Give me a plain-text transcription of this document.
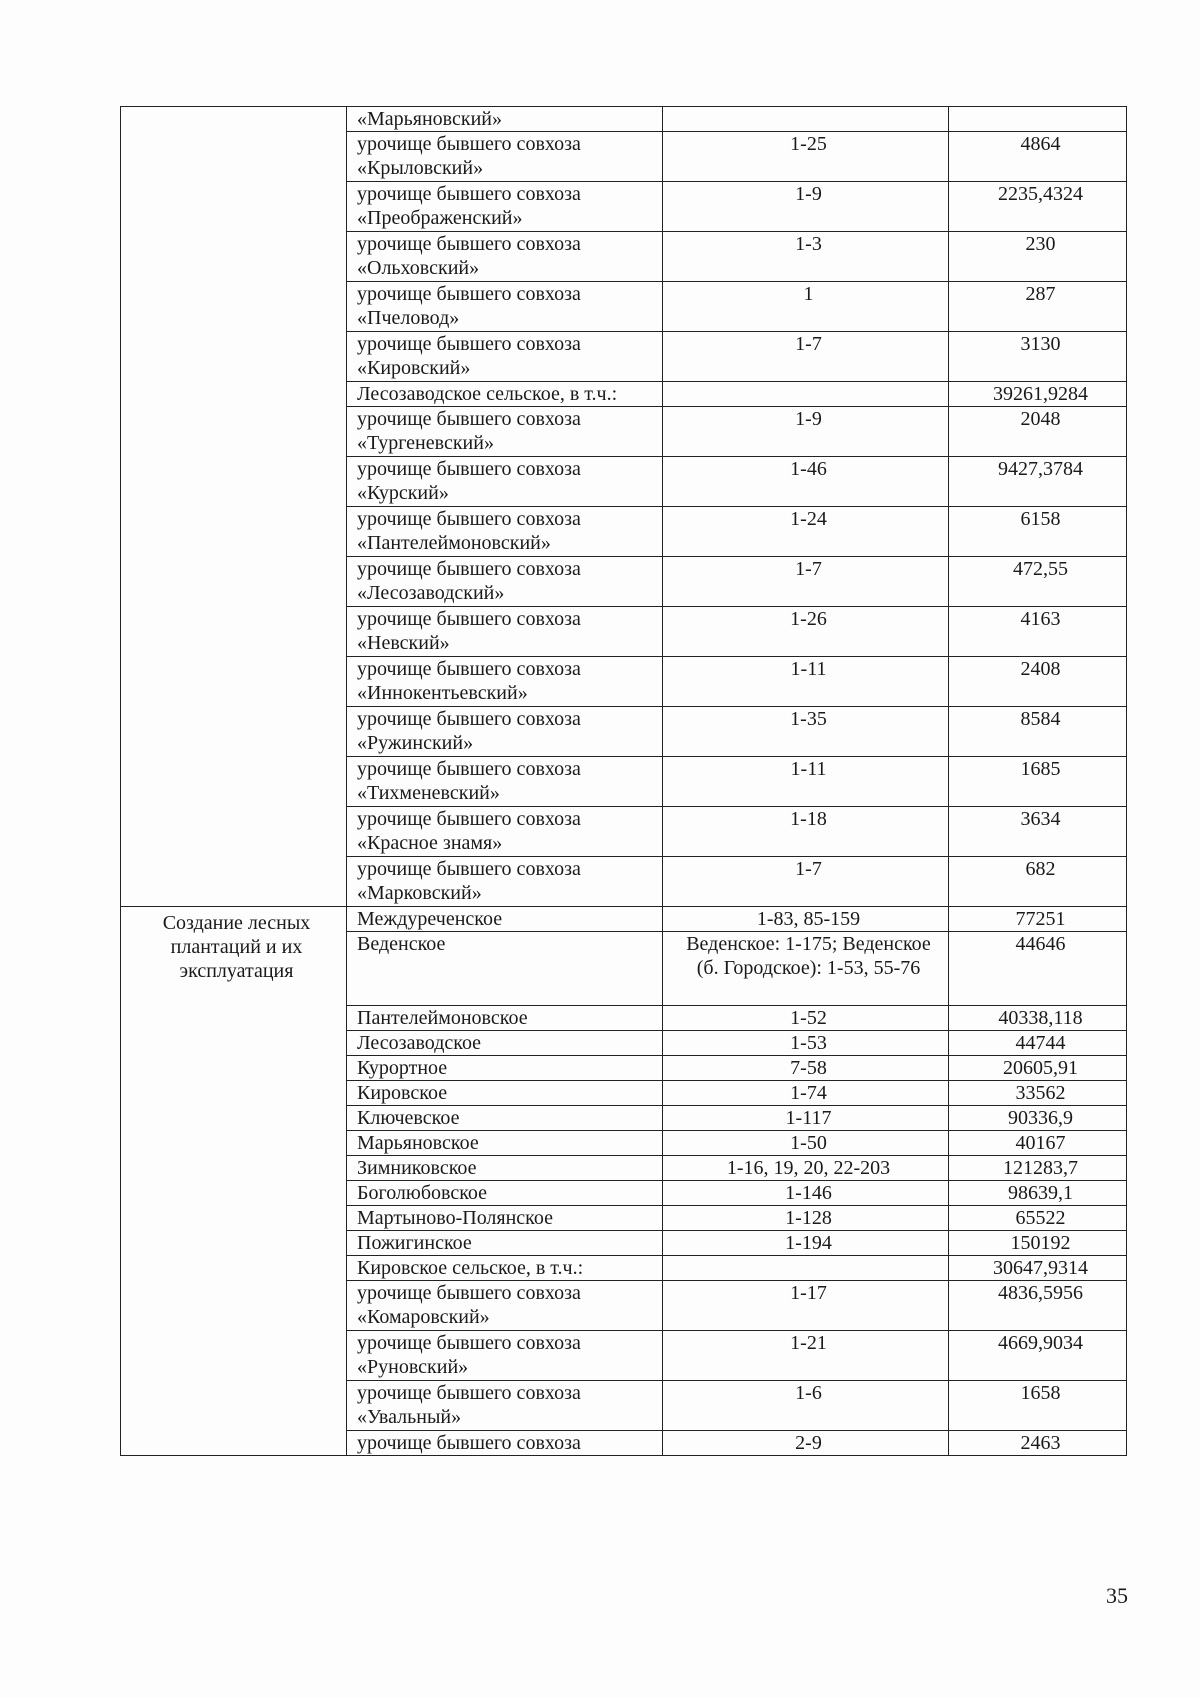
	«Марьяновский»		
	урочище бывшего совхоза «Крыловский»	1-25	4864
	урочище бывшего совхоза «Преображенский»	1-9	2235,4324
	урочище бывшего совхоза «Ольховский»	1-3	230
	урочище бывшего совхоза «Пчеловод»	1	287
	урочище бывшего совхоза «Кировский»	1-7	3130
	Лесозаводское сельское, в т.ч.:		39261,9284
	урочище бывшего совхоза «Тургеневский»	1-9	2048
	урочище бывшего совхоза «Курский»	1-46	9427,3784
	урочище бывшего совхоза «Пантелеймоновский»	1-24	6158
	урочище бывшего совхоза «Лесозаводский»	1-7	472,55
	урочище бывшего совхоза «Невский»	1-26	4163
	урочище бывшего совхоза «Иннокентьевский»	1-11	2408
	урочище бывшего совхоза «Ружинский»	1-35	8584
	урочище бывшего совхоза «Тихменевский»	1-11	1685
	урочище бывшего совхоза «Красное знамя»	1-18	3634
	урочище бывшего совхоза «Марковский»	1-7	682
Создание лесных плантаций и их эксплуатация	Междуреченское	1-83, 85-159	77251
	Веденское	Веденское: 1-175; Веденское (б. Городское): 1-53, 55-76	44646
	Пантелеймоновское	1-52	40338,118
	Лесозаводское	1-53	44744
	Курортное	7-58	20605,91
	Кировское	1-74	33562
	Ключевское	1-117	90336,9
	Марьяновское	1-50	40167
	Зимниковское	1-16, 19, 20, 22-203	121283,7
	Боголюбовское	1-146	98639,1
	Мартыново-Полянское	1-128	65522
	Пожигинское	1-194	150192
	Кировское сельское, в т.ч.:		30647,9314
	урочище бывшего совхоза «Комаровский»	1-17	4836,5956
	урочище бывшего совхоза «Руновский»	1-21	4669,9034
	урочище бывшего совхоза «Увальный»	1-6	1658
	урочище бывшего совхоза	2-9	2463
35
